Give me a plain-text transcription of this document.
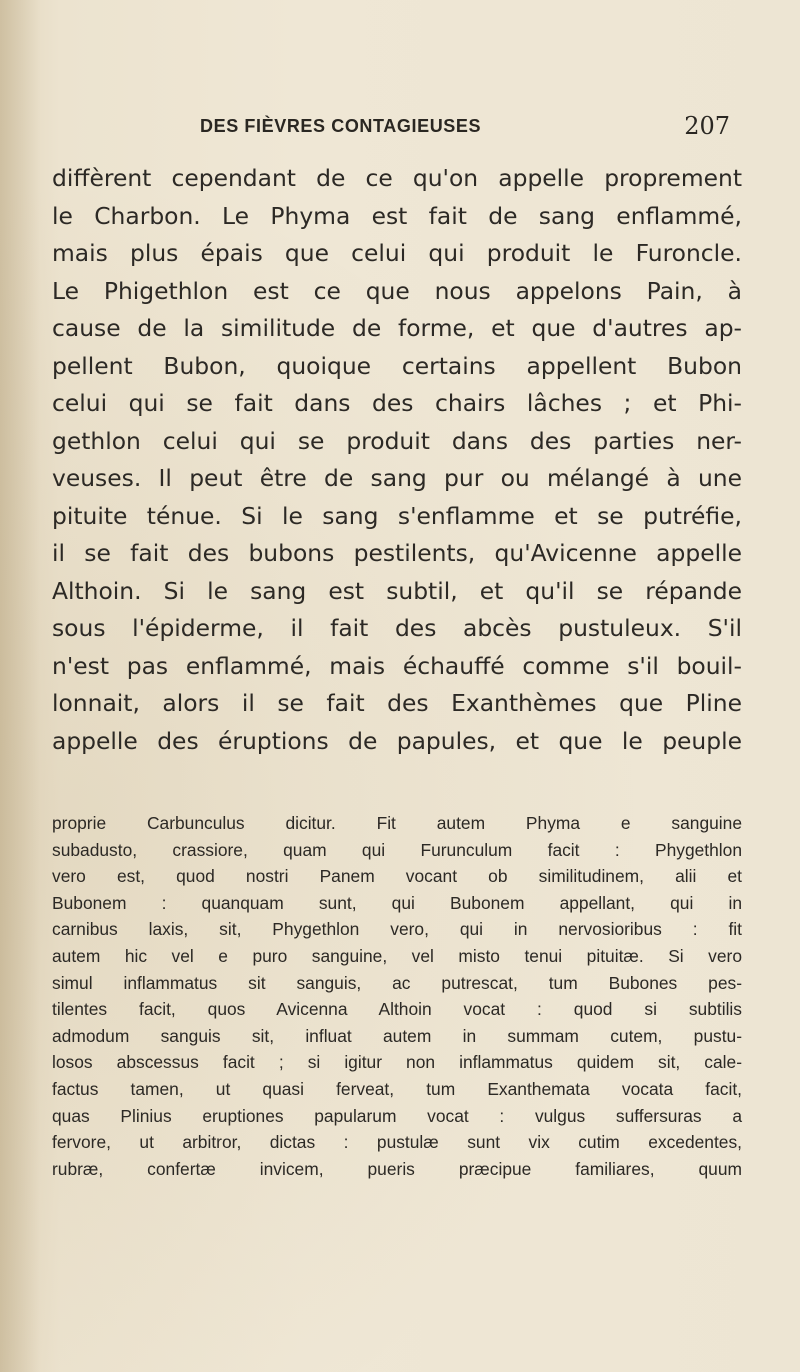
DES FIÈVRES CONTAGIEUSES	207
diffèrent cependant de ce qu'on appelle proprement
le Charbon. Le Phyma est fait de sang enflammé,
mais plus épais que celui qui produit le Furoncle.
Le Phigethlon est ce que nous appelons Pain, à
cause de la similitude de forme, et que d'autres ap-
pellent Bubon, quoique certains appellent Bubon
celui qui se fait dans des chairs lâches ; et Phi-
gethlon celui qui se produit dans des parties ner-
veuses. Il peut être de sang pur ou mélangé à une
pituite ténue. Si le sang s'enflamme et se putréfie,
il se fait des bubons pestilents, qu'Avicenne appelle
Althoin. Si le sang est subtil, et qu'il se répande
sous l'épiderme, il fait des abcès pustuleux. S'il
n'est pas enflammé, mais échauffé comme s'il bouil-
lonnait, alors il se fait des Exanthèmes que Pline
appelle des éruptions de papules, et que le peuple
proprie Carbunculus dicitur. Fit autem Phyma e sanguine
subadusto, crassiore, quam qui Furunculum facit : Phygethlon
vero est, quod nostri Panem vocant ob similitudinem, alii et
Bubonem : quanquam sunt, qui Bubonem appellant, qui in
carnibus laxis, sit, Phygethlon vero, qui in nervosioribus : fit
autem hic vel e puro sanguine, vel misto tenui pituitæ. Si vero
simul inflammatus sit sanguis, ac putrescat, tum Bubones pes-
tilentes facit, quos Avicenna Althoin vocat : quod si subtilis
admodum sanguis sit, influat autem in summam cutem, pustu-
losos abscessus facit ; si igitur non inflammatus quidem sit, cale-
factus tamen, ut quasi ferveat, tum Exanthemata vocata facit,
quas Plinius eruptiones papularum vocat : vulgus suffersuras a
fervore, ut arbitror, dictas : pustulæ sunt vix cutim excedentes,
rubræ, confertæ invicem, pueris præcipue familiares, quum
